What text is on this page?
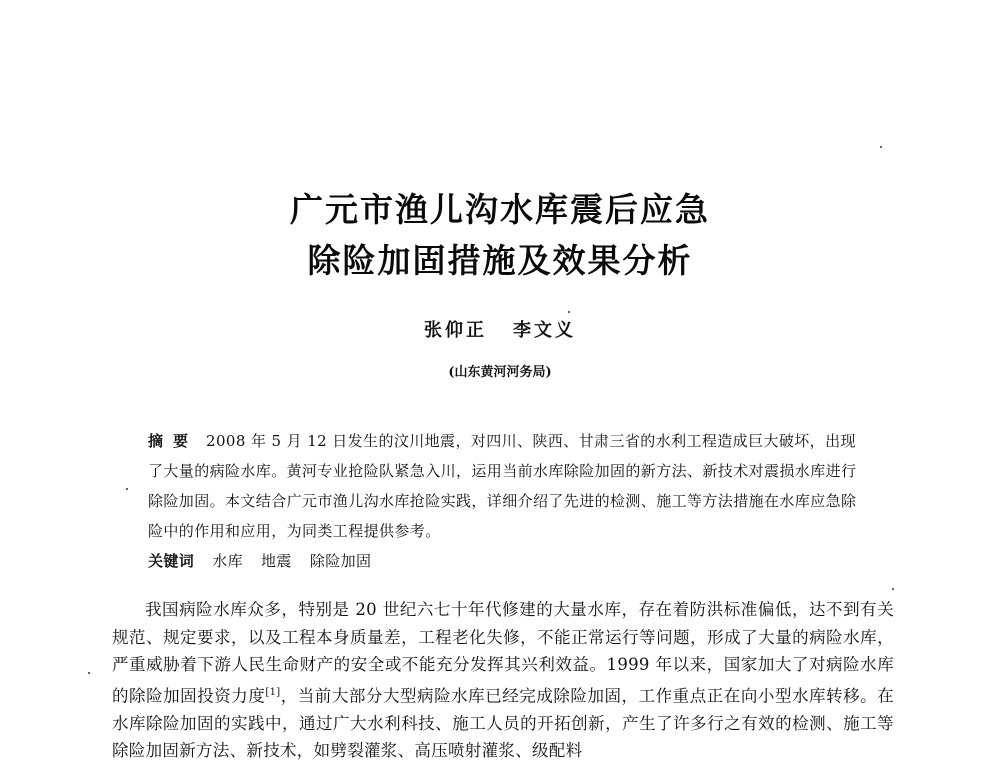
广元市渔儿沟水库震后应急
除险加固措施及效果分析
张仰正 李文义
(山东黄河河务局)

摘要 2008 年 5 月 12 日发生的汶川地震，对四川、陕西、甘肃三省的水利工程造成巨大破坏，出现了大量的病险水库。黄河专业抢险队紧急入川，运用当前水库除险加固的新方法、新技术对震损水库进行除险加固。本文结合广元市渔儿沟水库抢险实践，详细介绍了先进的检测、施工等方法措施在水库应急除险中的作用和应用，为同类工程提供参考。

关键词 水库 地震 除险加固

我国病险水库众多，特别是 20 世纪六七十年代修建的大量水库，存在着防洪标准偏低，达不到有关规范、规定要求，以及工程本身质量差，工程老化失修，不能正常运行等问题，形成了大量的病险水库，严重威胁着下游人民生命财产的安全或不能充分发挥其兴利效益。1999 年以来，国家加大了对病险水库的除险加固投资力度[1]，当前大部分大型病险水库已经完成除险加固，工作重点正在向小型水库转移。在水库除险加固的实践中，通过广大水利科技、施工人员的开拓创新，产生了许多行之有效的检测、施工等除险加固新方法、新技术，如劈裂灌浆、高压喷射灌浆、级配料
